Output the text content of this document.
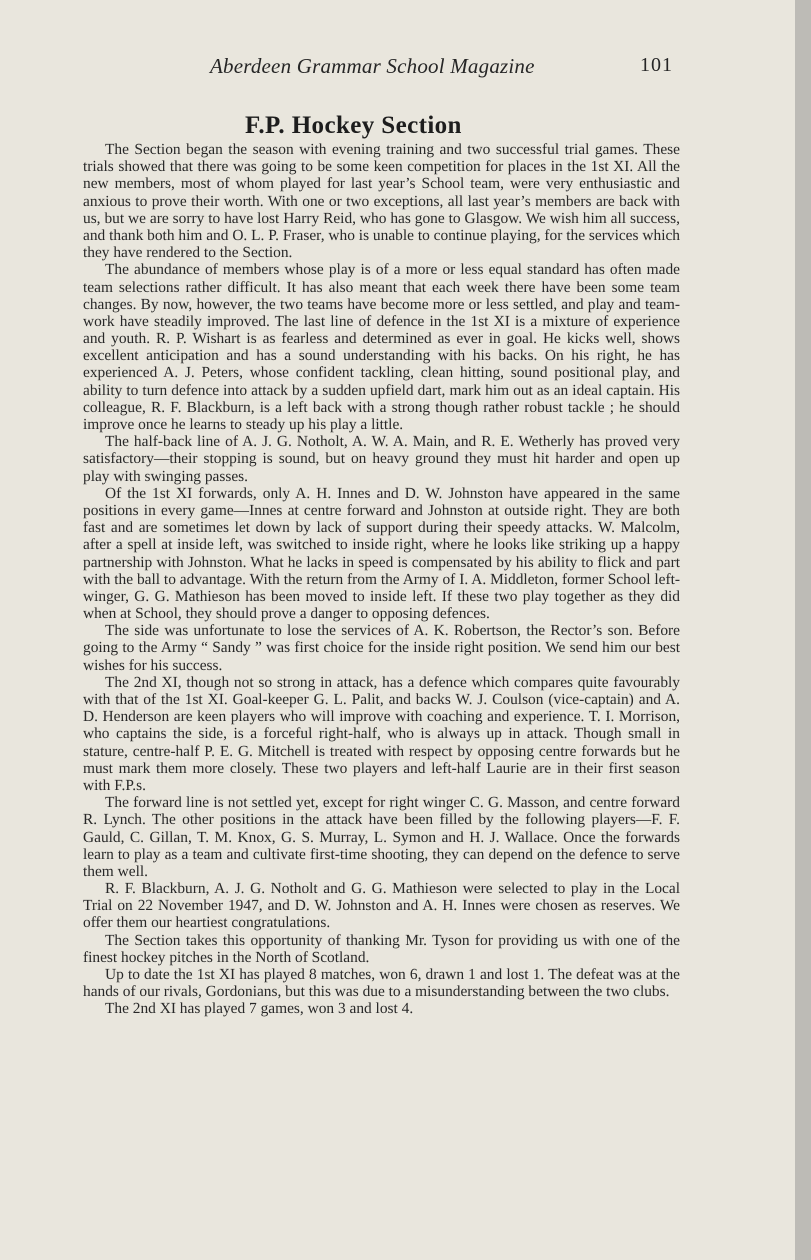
Aberdeen Grammar School Magazine	101
F.P. Hockey Section

The Section began the season with evening training and two successful trial games. These trials showed that there was going to be some keen competition for places in the 1st XI. All the new members, most of whom played for last year’s School team, were very enthusiastic and anxious to prove their worth. With one or two exceptions, all last year’s members are back with us, but we are sorry to have lost Harry Reid, who has gone to Glasgow. We wish him all success, and thank both him and O. L. P. Fraser, who is unable to continue playing, for the services which they have rendered to the Section.

The abundance of members whose play is of a more or less equal standard has often made team selections rather difficult. It has also meant that each week there have been some team changes. By now, however, the two teams have become more or less settled, and play and team-work have steadily improved. The last line of defence in the 1st XI is a mixture of experience and youth. R. P. Wishart is as fearless and determined as ever in goal. He kicks well, shows excellent anticipation and has a sound understanding with his backs. On his right, he has experienced A. J. Peters, whose confident tackling, clean hitting, sound positional play, and ability to turn defence into attack by a sudden upfield dart, mark him out as an ideal captain. His colleague, R. F. Blackburn, is a left back with a strong though rather robust tackle ; he should improve once he learns to steady up his play a little.

The half-back line of A. J. G. Notholt, A. W. A. Main, and R. E. Wetherly has proved very satisfactory—their stopping is sound, but on heavy ground they must hit harder and open up play with swinging passes.

Of the 1st XI forwards, only A. H. Innes and D. W. Johnston have appeared in the same positions in every game—Innes at centre forward and Johnston at outside right. They are both fast and are sometimes let down by lack of support during their speedy attacks. W. Malcolm, after a spell at inside left, was switched to inside right, where he looks like striking up a happy partnership with Johnston. What he lacks in speed is compensated by his ability to flick and part with the ball to advantage. With the return from the Army of I. A. Middleton, former School left-winger, G. G. Mathieson has been moved to inside left. If these two play together as they did when at School, they should prove a danger to opposing defences.

The side was unfortunate to lose the services of A. K. Robertson, the Rector’s son. Before going to the Army “ Sandy ” was first choice for the inside right position. We send him our best wishes for his success.

The 2nd XI, though not so strong in attack, has a defence which compares quite favourably with that of the 1st XI. Goal-keeper G. L. Palit, and backs W. J. Coulson (vice-captain) and A. D. Henderson are keen players who will improve with coaching and experience. T. I. Morrison, who captains the side, is a forceful right-half, who is always up in attack. Though small in stature, centre-half P. E. G. Mitchell is treated with respect by opposing centre forwards but he must mark them more closely. These two players and left-half Laurie are in their first season with F.P.s.

The forward line is not settled yet, except for right winger C. G. Masson, and centre forward R. Lynch. The other positions in the attack have been filled by the following players—F. F. Gauld, C. Gillan, T. M. Knox, G. S. Murray, L. Symon and H. J. Wallace. Once the forwards learn to play as a team and cultivate first-time shooting, they can depend on the defence to serve them well.

R. F. Blackburn, A. J. G. Notholt and G. G. Mathieson were selected to play in the Local Trial on 22 November 1947, and D. W. Johnston and A. H. Innes were chosen as reserves. We offer them our heartiest congratulations.

The Section takes this opportunity of thanking Mr. Tyson for providing us with one of the finest hockey pitches in the North of Scotland.

Up to date the 1st XI has played 8 matches, won 6, drawn 1 and lost 1. The defeat was at the hands of our rivals, Gordonians, but this was due to a misunderstanding between the two clubs.

The 2nd XI has played 7 games, won 3 and lost 4.
